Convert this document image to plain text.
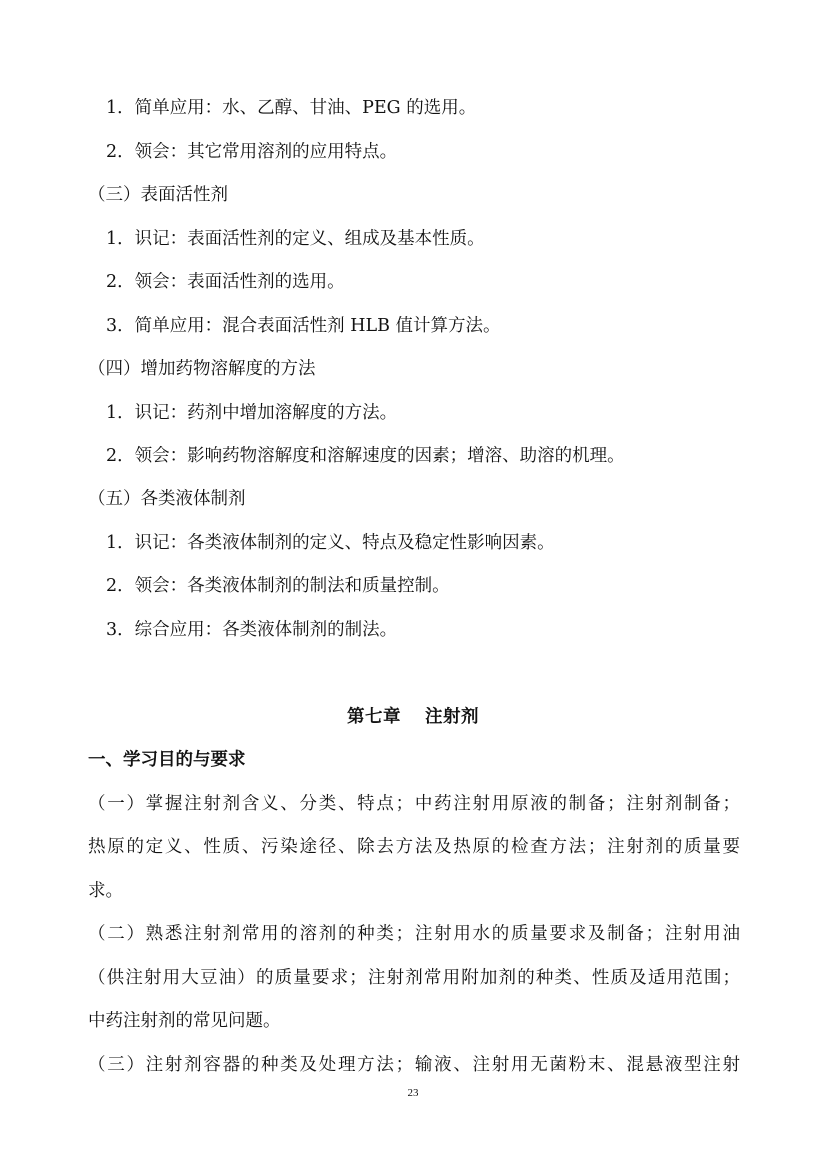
1．简单应用：水、乙醇、甘油、PEG 的选用。
2．领会：其它常用溶剂的应用特点。
（三）表面活性剂
1．识记：表面活性剂的定义、组成及基本性质。
2．领会：表面活性剂的选用。
3．简单应用：混合表面活性剂 HLB 值计算方法。
（四）增加药物溶解度的方法
1．识记：药剂中增加溶解度的方法。
2．领会：影响药物溶解度和溶解速度的因素；增溶、助溶的机理。
（五）各类液体制剂
1．识记：各类液体制剂的定义、特点及稳定性影响因素。
2．领会：各类液体制剂的制法和质量控制。
3．综合应用：各类液体制剂的制法。
第七章 注射剂
一、学习目的与要求
（一）掌握注射剂含义、分类、特点；中药注射用原液的制备；注射剂制备；
热原的定义、性质、污染途径、除去方法及热原的检查方法；注射剂的质量要
求。
（二）熟悉注射剂常用的溶剂的种类；注射用水的质量要求及制备；注射用油
（供注射用大豆油）的质量要求；注射剂常用附加剂的种类、性质及适用范围；
中药注射剂的常见问题。
（三）注射剂容器的种类及处理方法；输液、注射用无菌粉末、混悬液型注射
23
